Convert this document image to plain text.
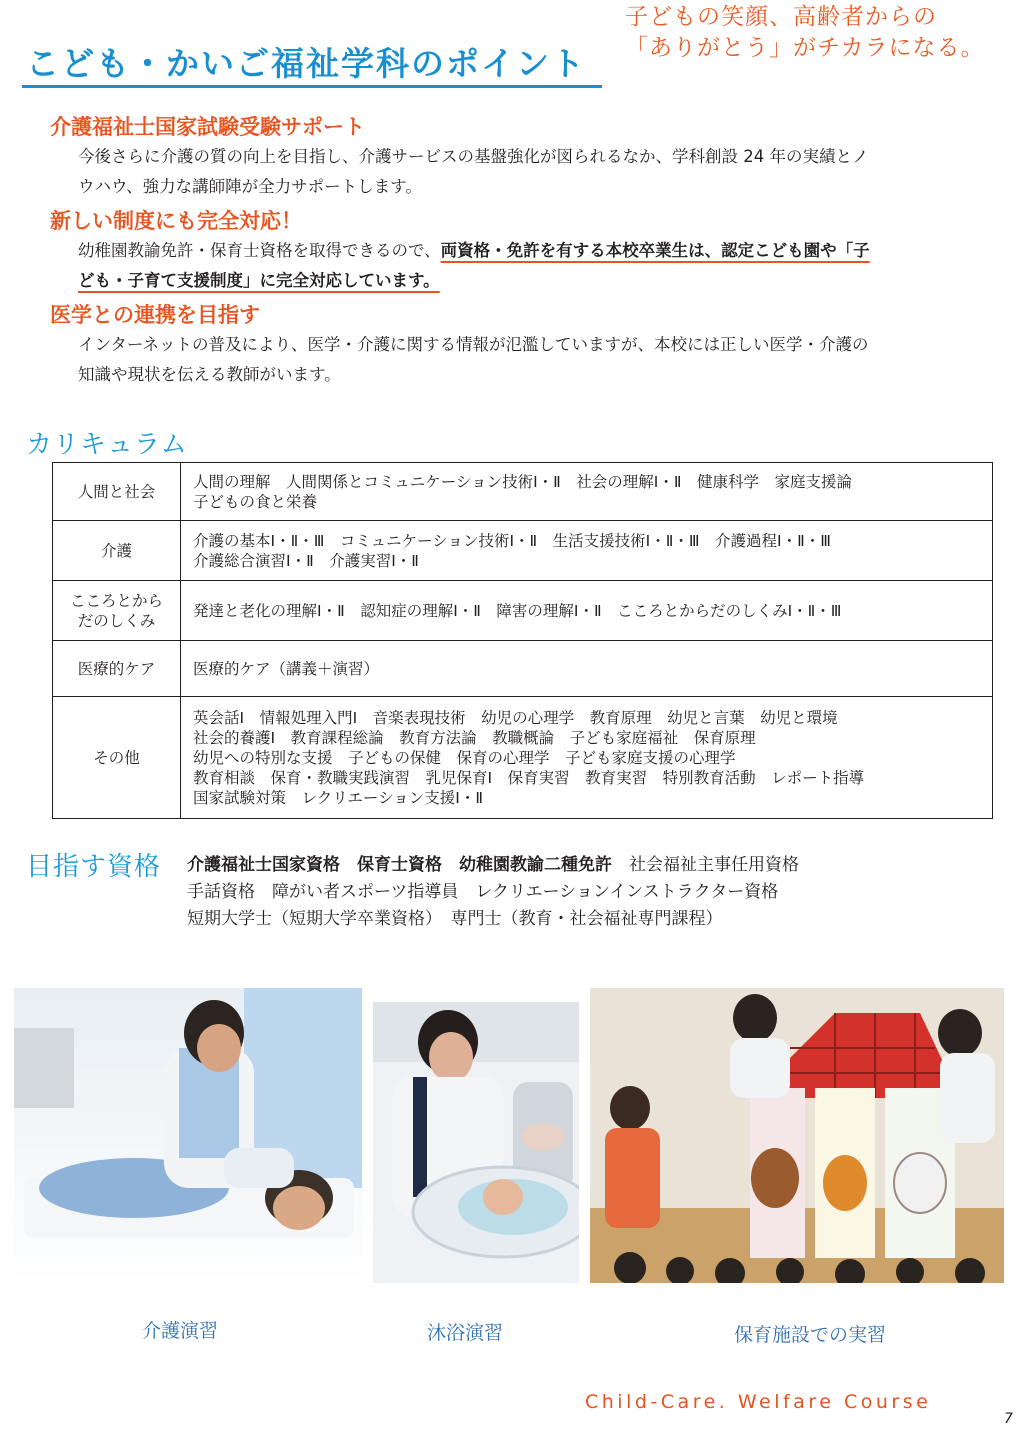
子どもの笑顔、高齢者からの
「ありがとう」がチカラになる。
こども・かいご福祉学科のポイント
介護福祉士国家試験受験サポート
今後さらに介護の質の向上を目指し、介護サービスの基盤強化が図られるなか、学科創設 24 年の実績とノ
ウハウ、強力な講師陣が全力サポートします。
新しい制度にも完全対応！
幼稚園教諭免許・保育士資格を取得できるので、両資格・免許を有する本校卒業生は、認定こども園や「子
ども・子育て支援制度」に完全対応しています。
医学との連携を目指す
インターネットの普及により、医学・介護に関する情報が氾濫していますが、本校には正しい医学・介護の
知識や現状を伝える教師がいます。
カリキュラム
人間と社会	人間の理解　人間関係とコミュニケーション技術Ⅰ・Ⅱ　社会の理解Ⅰ・Ⅱ　健康科学　家庭支援論
子どもの食と栄養

介護	介護の基本Ⅰ・Ⅱ・Ⅲ　コミュニケーション技術Ⅰ・Ⅱ　生活支援技術Ⅰ・Ⅱ・Ⅲ　介護過程Ⅰ・Ⅱ・Ⅲ
介護総合演習Ⅰ・Ⅱ　介護実習Ⅰ・Ⅱ

こころとから
だのしくみ	発達と老化の理解Ⅰ・Ⅱ　認知症の理解Ⅰ・Ⅱ　障害の理解Ⅰ・Ⅱ　こころとからだのしくみⅠ・Ⅱ・Ⅲ

医療的ケア	医療的ケア（講義＋演習）

その他	英会話Ⅰ　情報処理入門Ⅰ　音楽表現技術　幼児の心理学　教育原理　幼児と言葉　幼児と環境
社会的養護Ⅰ　教育課程総論　教育方法論　教職概論　子ども家庭福祉　保育原理
幼児への特別な支援　子どもの保健　保育の心理学　子ども家庭支援の心理学
教育相談　保育・教職実践演習　乳児保育Ⅰ　保育実習　教育実習　特別教育活動　レポート指導
国家試験対策　レクリエーション支援Ⅰ・Ⅱ
目指す資格 介護福祉士国家資格　 保育士資格　 幼稚園教諭二種免許　 社会福祉主事任用資格
手話資格　障がい者スポーツ指導員　レクリエーションインストラクター資格
短期大学士（短期大学卒業資格）　専門士（教育・社会福祉専門課程）
介護演習	沐浴演習	保育施設での実習
Child-Care. Welfare Course
7
